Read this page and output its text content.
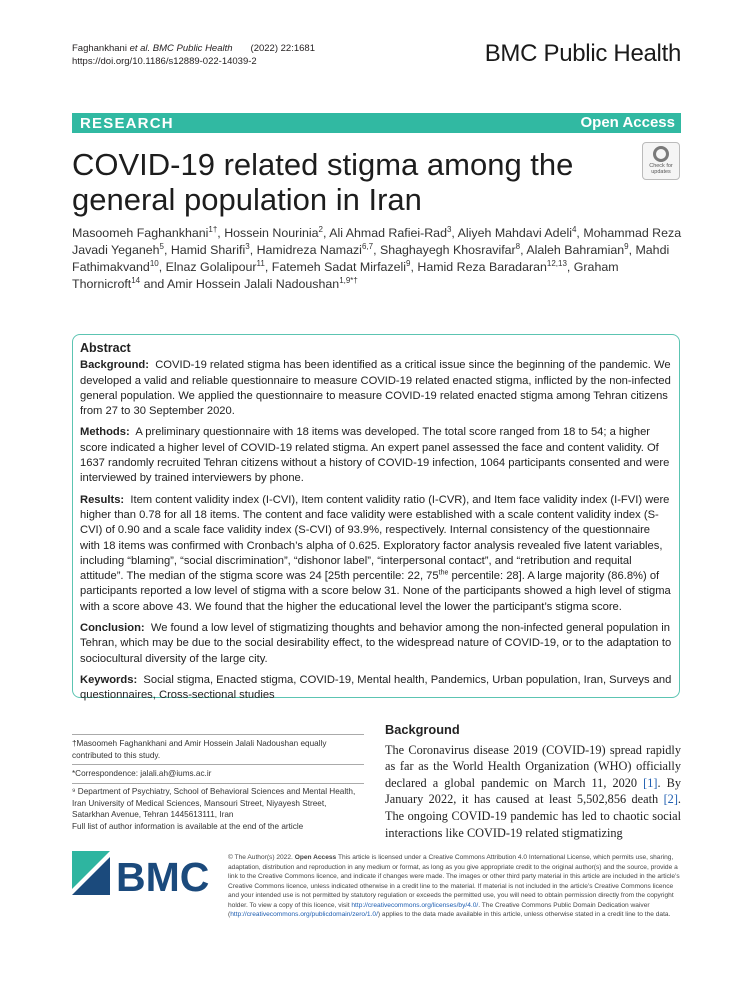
Faghankhani et al. BMC Public Health (2022) 22:1681
https://doi.org/10.1186/s12889-022-14039-2	BMC Public Health
RESEARCH	Open Access
COVID-19 related stigma among the general population in Iran
Check for
updates
Masoomeh Faghankhani$^{1\dagger}$, Hossein Nourinia$^2$, Ali Ahmad Rafiei-Rad$^3$, Aliyeh Mahdavi Adeli$^4$, Mohammad Reza Javadi Yeganeh$^5$, Hamid Sharifi$^3$, Hamidreza Namazi$^{6,7}$, Shaghayegh Khosravifar$^8$, Alaleh Bahramian$^9$, Mahdi Fathimakvand$^{10}$, Elnaz Golalipour$^{11}$, Fatemeh Sadat Mirfazeli$^9$, Hamid Reza Baradaran$^{12,13}$, Graham Thornicroft$^{14}$ and Amir Hossein Jalali Nadoushan$^{1,9*\dagger}$
Abstract

Background: COVID-19 related stigma has been identified as a critical issue since the beginning of the pandemic. We developed a valid and reliable questionnaire to measure COVID-19 related enacted stigma, inflicted by the non-infected general population. We applied the questionnaire to measure COVID-19 related enacted stigma among Tehran citizens from 27 to 30 September 2020.

Methods: A preliminary questionnaire with 18 items was developed. The total score ranged from 18 to 54; a higher score indicated a higher level of COVID-19 related stigma. An expert panel assessed the face and content validity. Of 1637 randomly recruited Tehran citizens without a history of COVID-19 infection, 1064 participants consented and were interviewed by trained interviewers by phone.

Results: Item content validity index (I-CVI), Item content validity ratio (I-CVR), and Item face validity index (I-FVI) were higher than 0.78 for all 18 items. The content and face validity were established with a scale content validity index (S-CVI) of 0.90 and a scale face validity index (S-CVI) of 93.9%, respectively. Internal consistency of the questionnaire with 18 items was confirmed with Cronbach’s alpha of 0.625. Exploratory factor analysis revealed five latent variables, including “blaming”, “social discrimination”, “dishonor label”, “interpersonal contact”, and “retribution and requital attitude”. The median of the stigma score was 24 [25th percentile: 22, $75^{the}$ percentile: 28]. A large majority (86.8%) of participants reported a low level of stigma with a score below 31. None of the participants showed a high level of stigma with a score above 43. We found that the higher the educational level the lower the participant’s stigma score.

Conclusion: We found a low level of stigmatizing thoughts and behavior among the non-infected general population in Tehran, which may be due to the social desirability effect, to the widespread nature of COVID-19, or to the adaptation to sociocultural diversity of the large city.

Keywords: Social stigma, Enacted stigma, COVID-19, Mental health, Pandemics, Urban population, Iran, Surveys and questionnaires, Cross-sectional studies

†Masoomeh Faghankhani and Amir Hossein Jalali Nadoushan equally contributed to this study.
*Correspondence: jalali.ah@iums.ac.ir
⁹ Department of Psychiatry, School of Behavioral Sciences and Mental Health, Iran University of Medical Sciences, Mansouri Street, Niyayesh Street, Satarkhan Avenue, Tehran 1445613111, Iran
Full list of author information is available at the end of the article
Background

The Coronavirus disease 2019 (COVID-19) spread rapidly as far as the World Health Organization (WHO) officially declared a global pandemic on March 11, 2020 [1]. By January 2022, it has caused at least 5,502,856 death [2]. The ongoing COVID-19 pandemic has led to chaotic social interactions like COVID-19 related stigmatizing

BMC	© The Author(s) 2022. Open Access This article is licensed under a Creative Commons Attribution 4.0 International License, which permits use, sharing, adaptation, distribution and reproduction in any medium or format, as long as you give appropriate credit to the original author(s) and the source, provide a link to the Creative Commons licence, and indicate if changes were made. The images or other third party material in this article are included in the article’s Creative Commons licence, unless indicated otherwise in a credit line to the material. If material is not included in the article’s Creative Commons licence and your intended use is not permitted by statutory regulation or exceeds the permitted use, you will need to obtain permission directly from the copyright holder. To view a copy of this licence, visit http://creativecommons.org/licenses/by/4.0/. The Creative Commons Public Domain Dedication waiver (http://creativecommons.org/publicdomain/zero/1.0/) applies to the data made available in this article, unless otherwise stated in a credit line to the data.
